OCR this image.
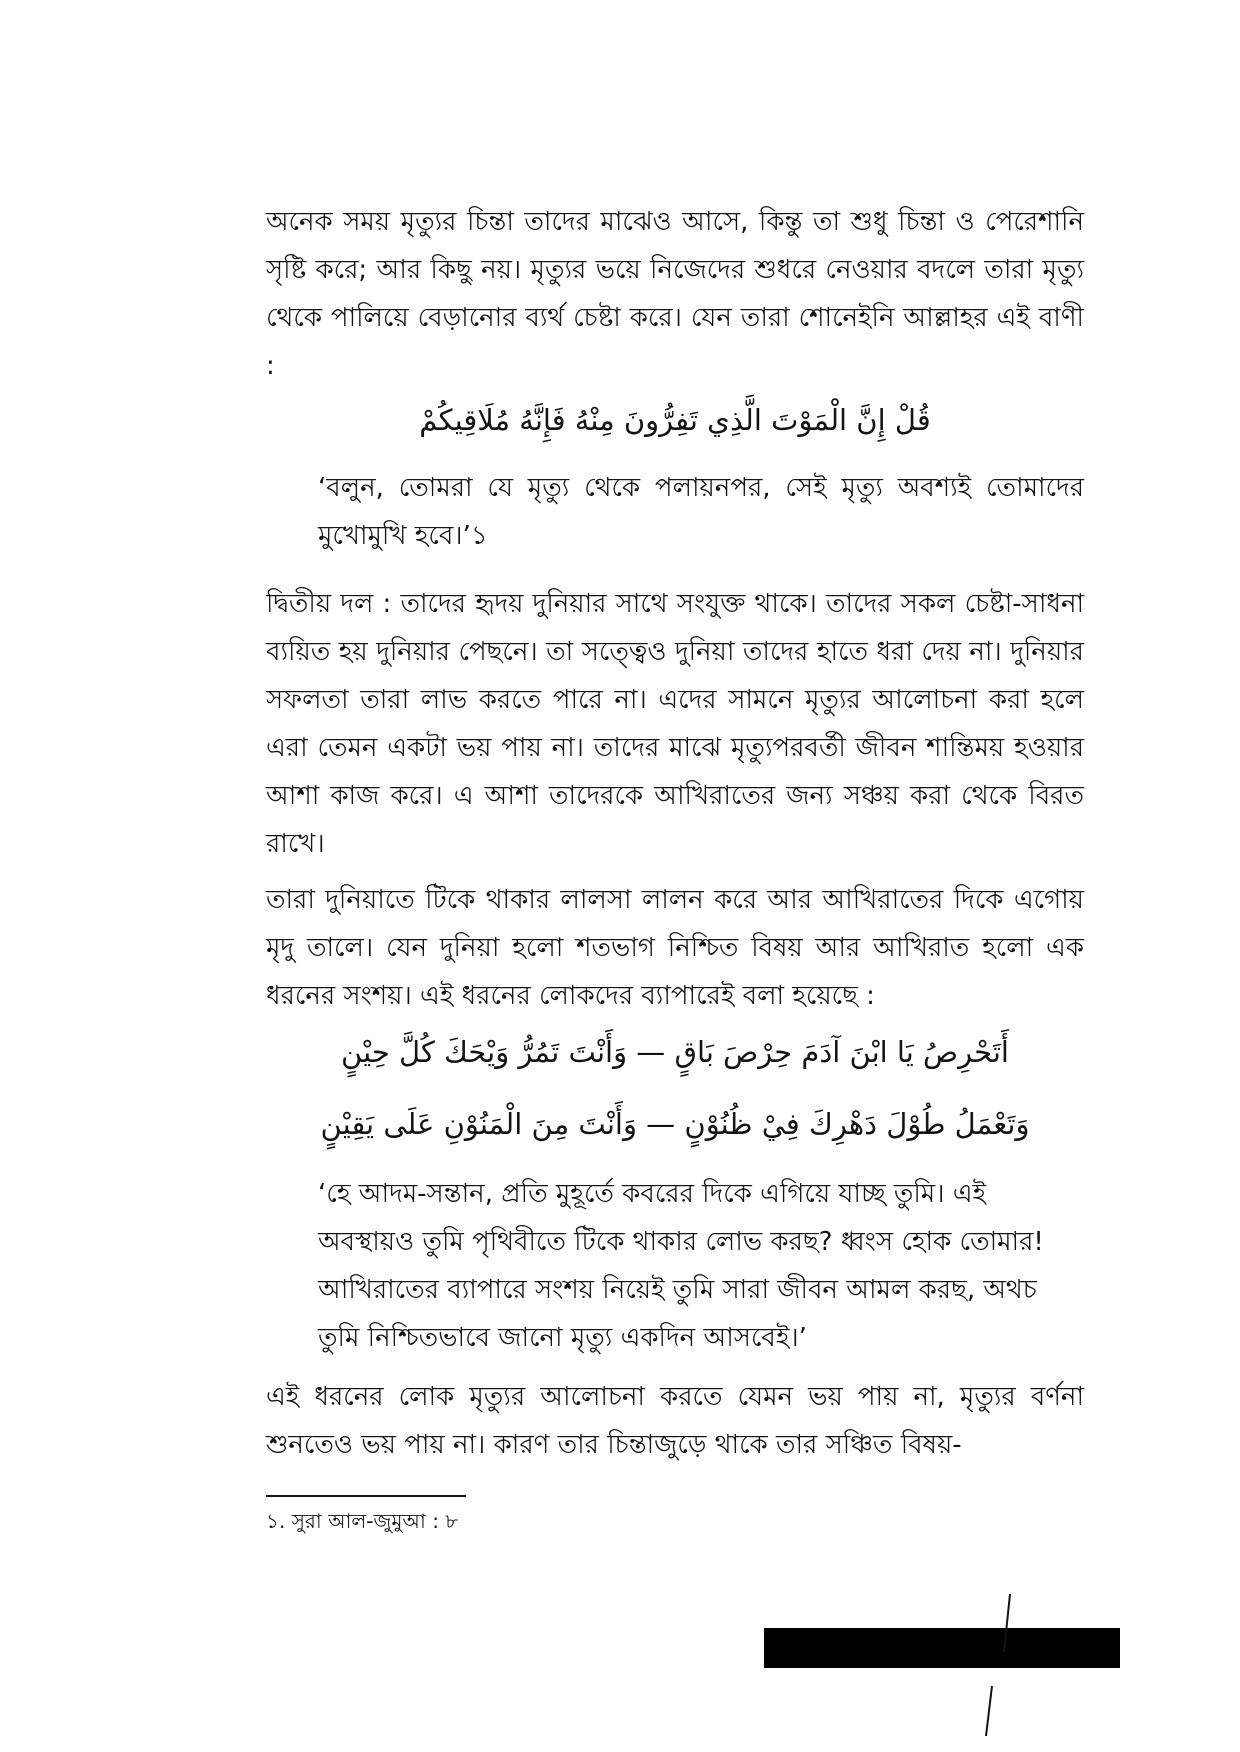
অনেক সময় মৃত্যুর চিন্তা তাদের মাঝেও আসে, কিন্তু তা শুধু চিন্তা ও পেরেশানি সৃষ্টি করে; আর কিছু নয়। মৃত্যুর ভয়ে নিজেদের শুধরে নেওয়ার বদলে তারা মৃত্যু থেকে পালিয়ে বেড়ানোর ব্যর্থ চেষ্টা করে। যেন তারা শোনেইনি আল্লাহর এই বাণী :

قُلْ إِنَّ الْمَوْتَ الَّذِي تَفِرُّونَ مِنْهُ فَإِنَّهُ مُلَاقِيكُمْ

‘বলুন, তোমরা যে মৃত্যু থেকে পলায়নপর, সেই মৃত্যু অবশ্যই তোমাদের মুখোমুখি হবে।’১

দ্বিতীয় দল : তাদের হৃদয় দুনিয়ার সাথে সংযুক্ত থাকে। তাদের সকল চেষ্টা-সাধনা ব্যয়িত হয় দুনিয়ার পেছনে। তা সত্ত্বেও দুনিয়া তাদের হাতে ধরা দেয় না। দুনিয়ার সফলতা তারা লাভ করতে পারে না। এদের সামনে মৃত্যুর আলোচনা করা হলে এরা তেমন একটা ভয় পায় না। তাদের মাঝে মৃত্যুপরবর্তী জীবন শান্তিময় হওয়ার আশা কাজ করে। এ আশা তাদেরকে আখিরাতের জন্য সঞ্চয় করা থেকে বিরত রাখে।

তারা দুনিয়াতে টিকে থাকার লালসা লালন করে আর আখিরাতের দিকে এগোয় মৃদু তালে। যেন দুনিয়া হলো শতভাগ নিশ্চিত বিষয় আর আখিরাত হলো এক ধরনের সংশয়। এই ধরনের লোকদের ব্যাপারেই বলা হয়েছে :

أَتَحْرِصُ يَا ابْنَ آدَمَ حِرْصَ بَاقٍ — وَأَنْتَ تَمُرُّ وَيْحَكَ كُلَّ حِيْنٍ

وَتَعْمَلُ طُوْلَ دَهْرِكَ فِيْ ظُنُوْنٍ — وَأَنْتَ مِنَ الْمَنُوْنِ عَلَى يَقِيْنٍ

‘হে আদম-সন্তান, প্রতি মুহূর্তে কবরের দিকে এগিয়ে যাচ্ছ তুমি। এই অবস্থায়ও তুমি পৃথিবীতে টিকে থাকার লোভ করছ? ধ্বংস হোক তোমার! আখিরাতের ব্যাপারে সংশয় নিয়েই তুমি সারা জীবন আমল করছ, অথচ তুমি নিশ্চিতভাবে জানো মৃত্যু একদিন আসবেই।’

এই ধরনের লোক মৃত্যুর আলোচনা করতে যেমন ভয় পায় না, মৃত্যুর বর্ণনা শুনতেও ভয় পায় না। কারণ তার চিন্তাজুড়ে থাকে তার সঞ্চিত বিষয়-

১. সুরা আল-জুমুআ : ৮
